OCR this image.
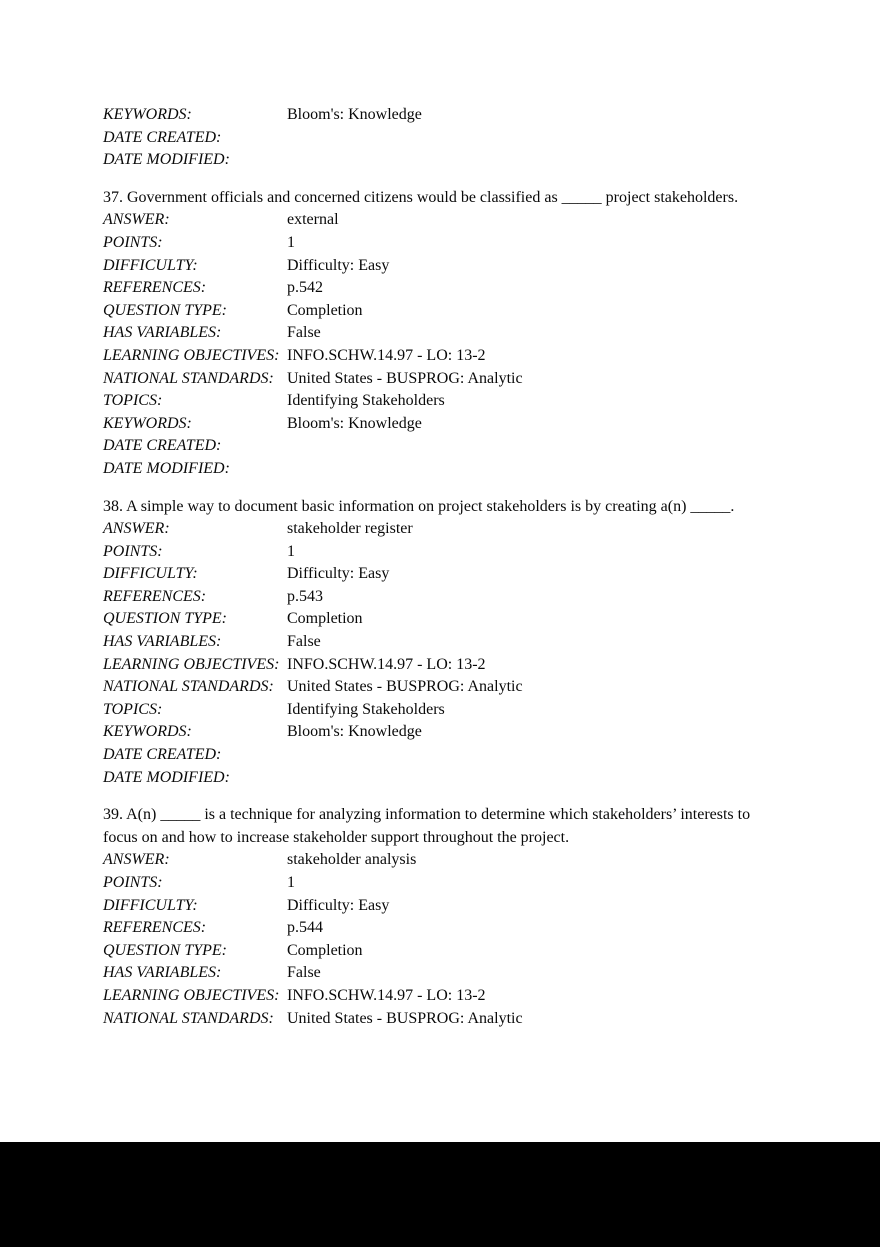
KEYWORDS:	Bloom's: Knowledge
DATE CREATED:
DATE MODIFIED:

37. Government officials and concerned citizens would be classified as _____ project stakeholders.

ANSWER:	external
POINTS:	1
DIFFICULTY:	Difficulty: Easy
REFERENCES:	p.542
QUESTION TYPE:	Completion
HAS VARIABLES:	False
LEARNING OBJECTIVES: INFO.SCHW.14.97 - LO: 13-2
NATIONAL STANDARDS: United States - BUSPROG: Analytic
TOPICS:	Identifying Stakeholders
KEYWORDS:	Bloom's: Knowledge
DATE CREATED:
DATE MODIFIED:

38. A simple way to document basic information on project stakeholders is by creating a(n) _____.

ANSWER:	stakeholder register
POINTS:	1
DIFFICULTY:	Difficulty: Easy
REFERENCES:	p.543
QUESTION TYPE:	Completion
HAS VARIABLES:	False
LEARNING OBJECTIVES: INFO.SCHW.14.97 - LO: 13-2
NATIONAL STANDARDS: United States - BUSPROG: Analytic
TOPICS:	Identifying Stakeholders
KEYWORDS:	Bloom's: Knowledge
DATE CREATED:
DATE MODIFIED:

39. A(n) _____ is a technique for analyzing information to determine which stakeholders’ interests to

focus on and how to increase stakeholder support throughout the project.

ANSWER:	stakeholder analysis
POINTS:	1
DIFFICULTY:	Difficulty: Easy
REFERENCES:	p.544
QUESTION TYPE:	Completion
HAS VARIABLES:	False
LEARNING OBJECTIVES: INFO.SCHW.14.97 - LO: 13-2
NATIONAL STANDARDS: United States - BUSPROG: Analytic
